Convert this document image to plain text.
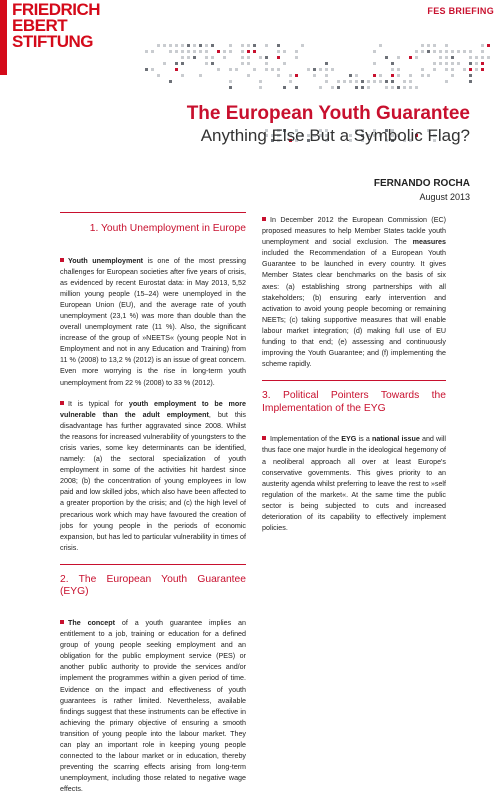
FRIEDRICH
EBERT
STIFTUNG
FES BRIEFING
The European Youth Guarantee
Anything Else But a Symbolic Flag?
FERNANDO ROCHA
August 2013
1. Youth Unemployment in Europe

Youth unemployment is one of the most pressing challenges for European societies after five years of crisis, as evidenced by recent Eurostat data: in May 2013, 5,52 million young people (15–24) were unemployed in the European Union (EU), and the average rate of youth unemployment (23,1 %) was more than double than the overall unemployment rate (11 %). Also, the significant increase of the group of »NEETS« (young people Not in Employment and not in any Education and Training) from 11 % (2008) to 13,2 % (2012) is an issue of great concern. Even more worrying is the rise in long-term youth unemployment from 22 % (2008) to 33 % (2012).

It is typical for youth employment to be more vulnerable than the adult employment, but this disadvantage has further aggravated since 2008. Whilst the reasons for increased vulnerability of youngsters to the crisis varies, some key determinants can be identified, namely: (a) the sectoral specialization of youth employment in some of the activities hit hardest since 2008; (b) the concentration of young employees in low paid and low skilled jobs, which also have been affected to a greater proportion by the crisis; and (c) the high level of precarious work which may have favoured the creation of jobs for young people in the periods of economic expansion, but has led to particular vulnerability in times of crisis.

2. The European Youth Guarantee (EYG)

The concept of a youth guarantee implies an entitlement to a job, training or education for a defined group of young people seeking employment and an obligation for the public employment service (PES) or another public authority to provide the services and/or implement the programmes within a given period of time. Evidence on the impact and effectiveness of youth guarantees is rather limited. Nevertheless, available findings suggest that these instruments can be effective in achieving the primary objective of ensuring a smooth transition of young people into the labour market. They can play an important role in keeping young people connected to the labour market or in education, thereby preventing the scarring effects arising from long-term unemployment, including those related to negative wage effects.

In December 2012 the European Commission (EC) proposed measures to help Member States tackle youth unemployment and social exclusion. The measures included the Recommendation of a European Youth Guarantee to be launched in every country. It gives Member States clear benchmarks on the basis of six axes: (a) establishing strong partnerships with all stakeholders; (b) ensuring early intervention and activation to avoid young people becoming or remaining NEETs; (c) taking supportive measures that will enable labour market integration; (d) making full use of EU funding to that end; (e) assessing and continuously improving the Youth Guarantee; and (f) implementing the scheme rapidly.

3. Political Pointers Towards the Implementation of the EYG

Implementation of the EYG is a national issue and will thus face one major hurdle in the ideological hegemony of a neoliberal approach all over at least Europe's conservative governments. This gives priority to an austerity agenda whilst preferring to leave the rest to »self regulation of the market«. At the same time the public sector is being subjected to cuts and increased deterioration of its capability to effectively implement policies.
